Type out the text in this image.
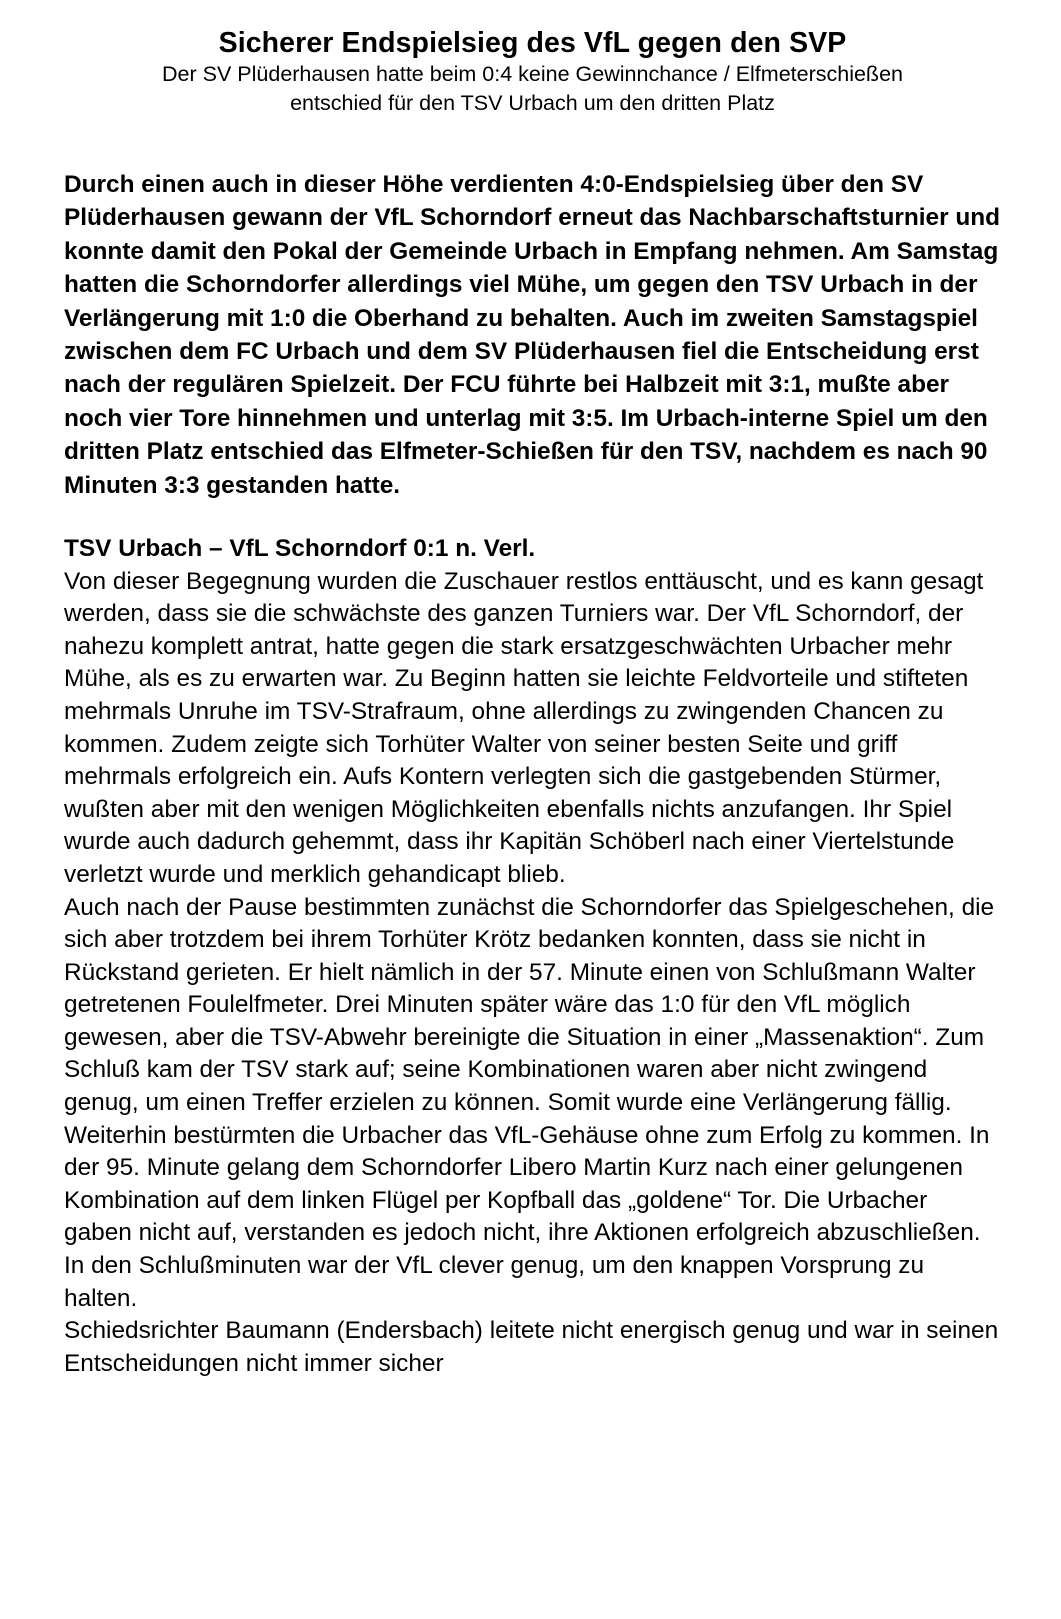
Sicherer Endspielsieg des VfL gegen den SVP

Der SV Plüderhausen hatte beim 0:4 keine Gewinnchance / Elfmeterschießen

entschied für den TSV Urbach um den dritten Platz

Durch einen auch in dieser Höhe verdienten 4:0-Endspielsieg über den SV Plüderhausen gewann der VfL Schorndorf erneut das Nachbarschaftsturnier und konnte damit den Pokal der Gemeinde Urbach in Empfang nehmen. Am Samstag hatten die Schorndorfer allerdings viel Mühe, um gegen den TSV Urbach in der Verlängerung mit 1:0 die Oberhand zu behalten. Auch im zweiten Samstagspiel zwischen dem FC Urbach und dem SV Plüderhausen fiel die Entscheidung erst nach der regulären Spielzeit. Der FCU führte bei Halbzeit mit 3:1, mußte aber noch vier Tore hinnehmen und unterlag mit 3:5. Im Urbach-interne Spiel um den dritten Platz entschied das Elfmeter-Schießen für den TSV, nachdem es nach 90 Minuten 3:3 gestanden hatte.

TSV Urbach – VfL Schorndorf 0:1 n. Verl.

Von dieser Begegnung wurden die Zuschauer restlos enttäuscht, und es kann gesagt werden, dass sie die schwächste des ganzen Turniers war. Der VfL Schorndorf, der nahezu komplett antrat, hatte gegen die stark ersatzgeschwächten Urbacher mehr Mühe, als es zu erwarten war. Zu Beginn hatten sie leichte Feldvorteile und stifteten mehrmals Unruhe im TSV-Strafraum, ohne allerdings zu zwingenden Chancen zu kommen. Zudem zeigte sich Torhüter Walter von seiner besten Seite und griff mehrmals erfolgreich ein. Aufs Kontern verlegten sich die gastgebenden Stürmer, wußten aber mit den wenigen Möglichkeiten ebenfalls nichts anzufangen. Ihr Spiel wurde auch dadurch gehemmt, dass ihr Kapitän Schöberl nach einer Viertelstunde verletzt wurde und merklich gehandicapt blieb.

Auch nach der Pause bestimmten zunächst die Schorndorfer das Spielgeschehen, die sich aber trotzdem bei ihrem Torhüter Krötz bedanken konnten, dass sie nicht in Rückstand gerieten. Er hielt nämlich in der 57. Minute einen von Schlußmann Walter getretenen Foulelfmeter. Drei Minuten später wäre das 1:0 für den VfL möglich gewesen, aber die TSV-Abwehr bereinigte die Situation in einer „Massenaktion“. Zum Schluß kam der TSV stark auf; seine Kombinationen waren aber nicht zwingend genug, um einen Treffer erzielen zu können. Somit wurde eine Verlängerung fällig. Weiterhin bestürmten die Urbacher das VfL-Gehäuse ohne zum Erfolg zu kommen. In der 95. Minute gelang dem Schorndorfer Libero Martin Kurz nach einer gelungenen Kombination auf dem linken Flügel per Kopfball das „goldene“ Tor. Die Urbacher gaben nicht auf, verstanden es jedoch nicht, ihre Aktionen erfolgreich abzuschließen. In den Schlußminuten war der VfL clever genug, um den knappen Vorsprung zu halten.

Schiedsrichter Baumann (Endersbach) leitete nicht energisch genug und war in seinen Entscheidungen nicht immer sicher
